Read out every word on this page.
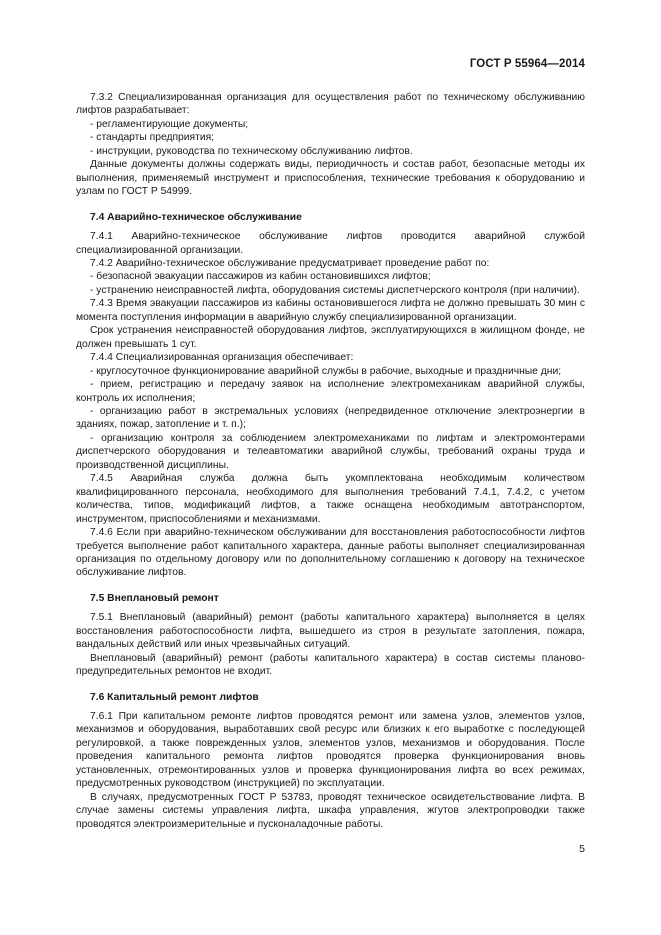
ГОСТ Р 55964—2014

7.3.2 Специализированная организация для осуществления работ по техническому обслуживанию лифтов разрабатывает:

- регламентирующие документы;

- стандарты предприятия;

- инструкции, руководства по техническому обслуживанию лифтов.

Данные документы должны содержать виды, периодичность и состав работ, безопасные методы их выполнения, применяемый инструмент и приспособления, технические требования к оборудованию и узлам по ГОСТ Р 54999.

7.4 Аварийно-техническое обслуживание

7.4.1 Аварийно-техническое обслуживание лифтов проводится аварийной службой специализированной организации.

7.4.2 Аварийно-техническое обслуживание предусматривает проведение работ по:

- безопасной эвакуации пассажиров из кабин остановившихся лифтов;

- устранению неисправностей лифта, оборудования системы диспетчерского контроля (при наличии).

7.4.3 Время эвакуации пассажиров из кабины остановившегося лифта не должно превышать 30 мин с момента поступления информации в аварийную службу специализированной организации.

Срок устранения неисправностей оборудования лифтов, эксплуатирующихся в жилищном фонде, не должен превышать 1 сут.

7.4.4 Специализированная организация обеспечивает:

- круглосуточное функционирование аварийной службы в рабочие, выходные и праздничные дни;

- прием, регистрацию и передачу заявок на исполнение электромеханикам аварийной службы, контроль их исполнения;

- организацию работ в экстремальных условиях (непредвиденное отключение электроэнергии в зданиях, пожар, затопление и т. п.);

- организацию контроля за соблюдением электромеханиками по лифтам и электромонтерами диспетчерского оборудования и телеавтоматики аварийной службы, требований охраны труда и производственной дисциплины.

7.4.5 Аварийная служба должна быть укомплектована необходимым количеством квалифицированного персонала, необходимого для выполнения требований 7.4.1, 7.4.2, с учетом количества, типов, модификаций лифтов, а также оснащена необходимым автотранспортом, инструментом, приспособлениями и механизмами.

7.4.6 Если при аварийно-техническом обслуживании для восстановления работоспособности лифтов требуется выполнение работ капитального характера, данные работы выполняет специализированная организация по отдельному договору или по дополнительному соглашению к договору на техническое обслуживание лифтов.

7.5 Внеплановый ремонт

7.5.1 Внеплановый (аварийный) ремонт (работы капитального характера) выполняется в целях восстановления работоспособности лифта, вышедшего из строя в результате затопления, пожара, вандальных действий или иных чрезвычайных ситуаций.

Внеплановый (аварийный) ремонт (работы капитального характера) в состав системы планово-предупредительных ремонтов не входит.

7.6 Капитальный ремонт лифтов

7.6.1 При капитальном ремонте лифтов проводятся ремонт или замена узлов, элементов узлов, механизмов и оборудования, выработавших свой ресурс или близких к его выработке с последующей регулировкой, а также поврежденных узлов, элементов узлов, механизмов и оборудования. После проведения капитального ремонта лифтов проводятся проверка функционирования вновь установленных, отремонтированных узлов и проверка функционирования лифта во всех режимах, предусмотренных руководством (инструкцией) по эксплуатации.

В случаях, предусмотренных ГОСТ Р 53783, проводят техническое освидетельствование лифта. В случае замены системы управления лифта, шкафа управления, жгутов электропроводки также проводятся электроизмерительные и пусконаладочные работы.

5
